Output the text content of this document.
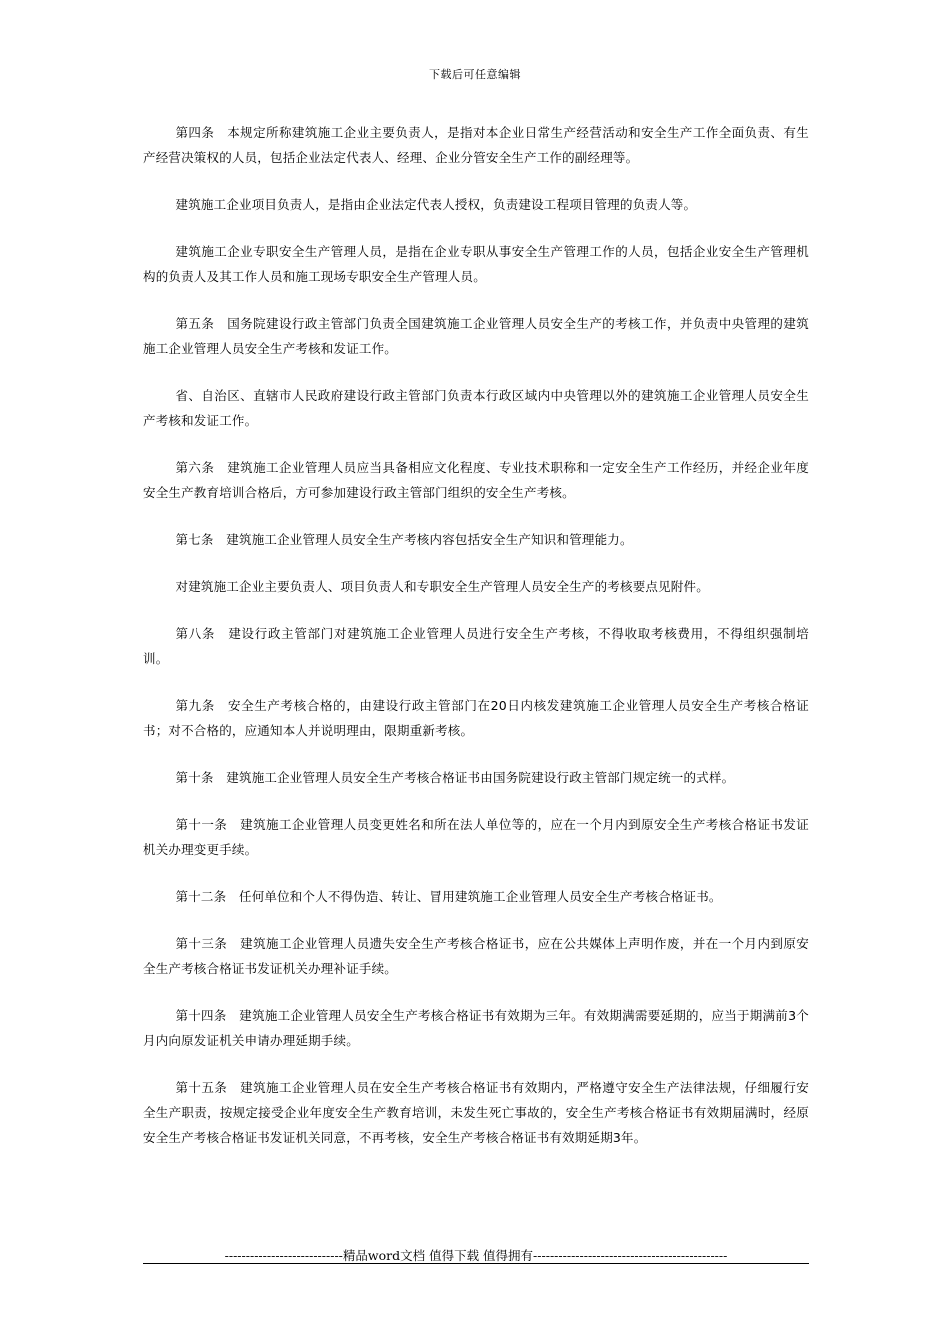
下载后可任意编辑

第四条　本规定所称建筑施工企业主要负责人，是指对本企业日常生产经营活动和安全生产工作全面负责、有生产经营决策权的人员，包括企业法定代表人、经理、企业分管安全生产工作的副经理等。

建筑施工企业项目负责人，是指由企业法定代表人授权，负责建设工程项目管理的负责人等。

建筑施工企业专职安全生产管理人员，是指在企业专职从事安全生产管理工作的人员，包括企业安全生产管理机构的负责人及其工作人员和施工现场专职安全生产管理人员。

第五条　国务院建设行政主管部门负责全国建筑施工企业管理人员安全生产的考核工作，并负责中央管理的建筑施工企业管理人员安全生产考核和发证工作。

省、自治区、直辖市人民政府建设行政主管部门负责本行政区域内中央管理以外的建筑施工企业管理人员安全生产考核和发证工作。

第六条　建筑施工企业管理人员应当具备相应文化程度、专业技术职称和一定安全生产工作经历，并经企业年度安全生产教育培训合格后，方可参加建设行政主管部门组织的安全生产考核。

第七条　建筑施工企业管理人员安全生产考核内容包括安全生产知识和管理能力。

对建筑施工企业主要负责人、项目负责人和专职安全生产管理人员安全生产的考核要点见附件。

第八条　建设行政主管部门对建筑施工企业管理人员进行安全生产考核，不得收取考核费用，不得组织强制培训。

第九条　安全生产考核合格的，由建设行政主管部门在20日内核发建筑施工企业管理人员安全生产考核合格证书；对不合格的，应通知本人并说明理由，限期重新考核。

第十条　建筑施工企业管理人员安全生产考核合格证书由国务院建设行政主管部门规定统一的式样。

第十一条　建筑施工企业管理人员变更姓名和所在法人单位等的，应在一个月内到原安全生产考核合格证书发证机关办理变更手续。

第十二条　任何单位和个人不得伪造、转让、冒用建筑施工企业管理人员安全生产考核合格证书。

第十三条　建筑施工企业管理人员遗失安全生产考核合格证书，应在公共媒体上声明作废，并在一个月内到原安全生产考核合格证书发证机关办理补证手续。

第十四条　建筑施工企业管理人员安全生产考核合格证书有效期为三年。有效期满需要延期的，应当于期满前3个月内向原发证机关申请办理延期手续。

第十五条　建筑施工企业管理人员在安全生产考核合格证书有效期内，严格遵守安全生产法律法规，仔细履行安全生产职责，按规定接受企业年度安全生产教育培训，未发生死亡事故的，安全生产考核合格证书有效期届满时，经原安全生产考核合格证书发证机关同意，不再考核，安全生产考核合格证书有效期延期3年。

----------------------------精品word文档 值得下载 值得拥有----------------------------------------------
